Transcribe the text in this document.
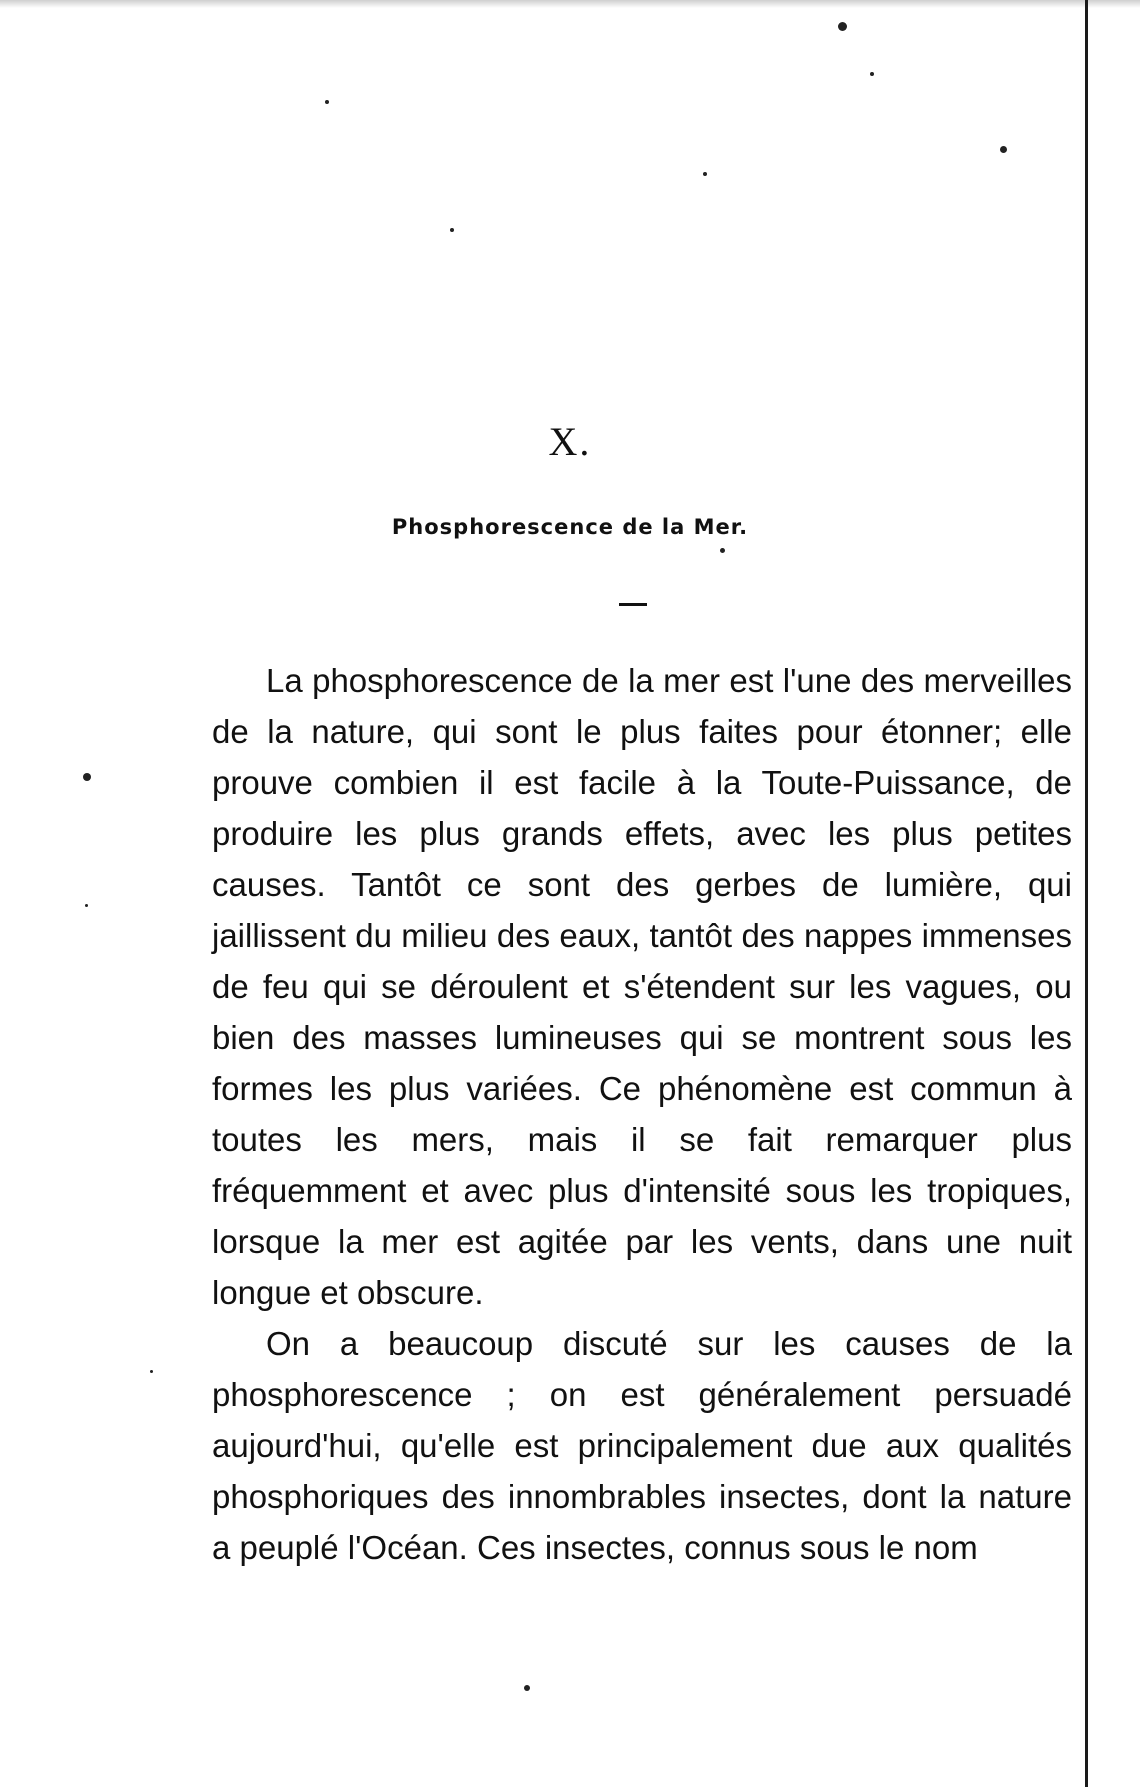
X.
Phosphorescence de la Mer.

La phosphorescence de la mer est l'une des merveilles de la nature, qui sont le plus faites pour étonner; elle prouve combien il est facile à la Toute-Puissance, de produire les plus grands effets, avec les plus petites causes. Tantôt ce sont des gerbes de lumière, qui jaillissent du milieu des eaux, tantôt des nappes immenses de feu qui se déroulent et s'étendent sur les vagues, ou bien des masses lumineuses qui se montrent sous les formes les plus variées. Ce phénomène est commun à toutes les mers, mais il se fait remarquer plus fréquemment et avec plus d'intensité sous les tropiques, lorsque la mer est agitée par les vents, dans une nuit longue et obscure.

On a beaucoup discuté sur les causes de la phosphorescence ; on est généralement persuadé aujourd'hui, qu'elle est principalement due aux qualités phosphoriques des innombrables insectes, dont la nature a peuplé l'Océan. Ces insectes, connus sous le nom
